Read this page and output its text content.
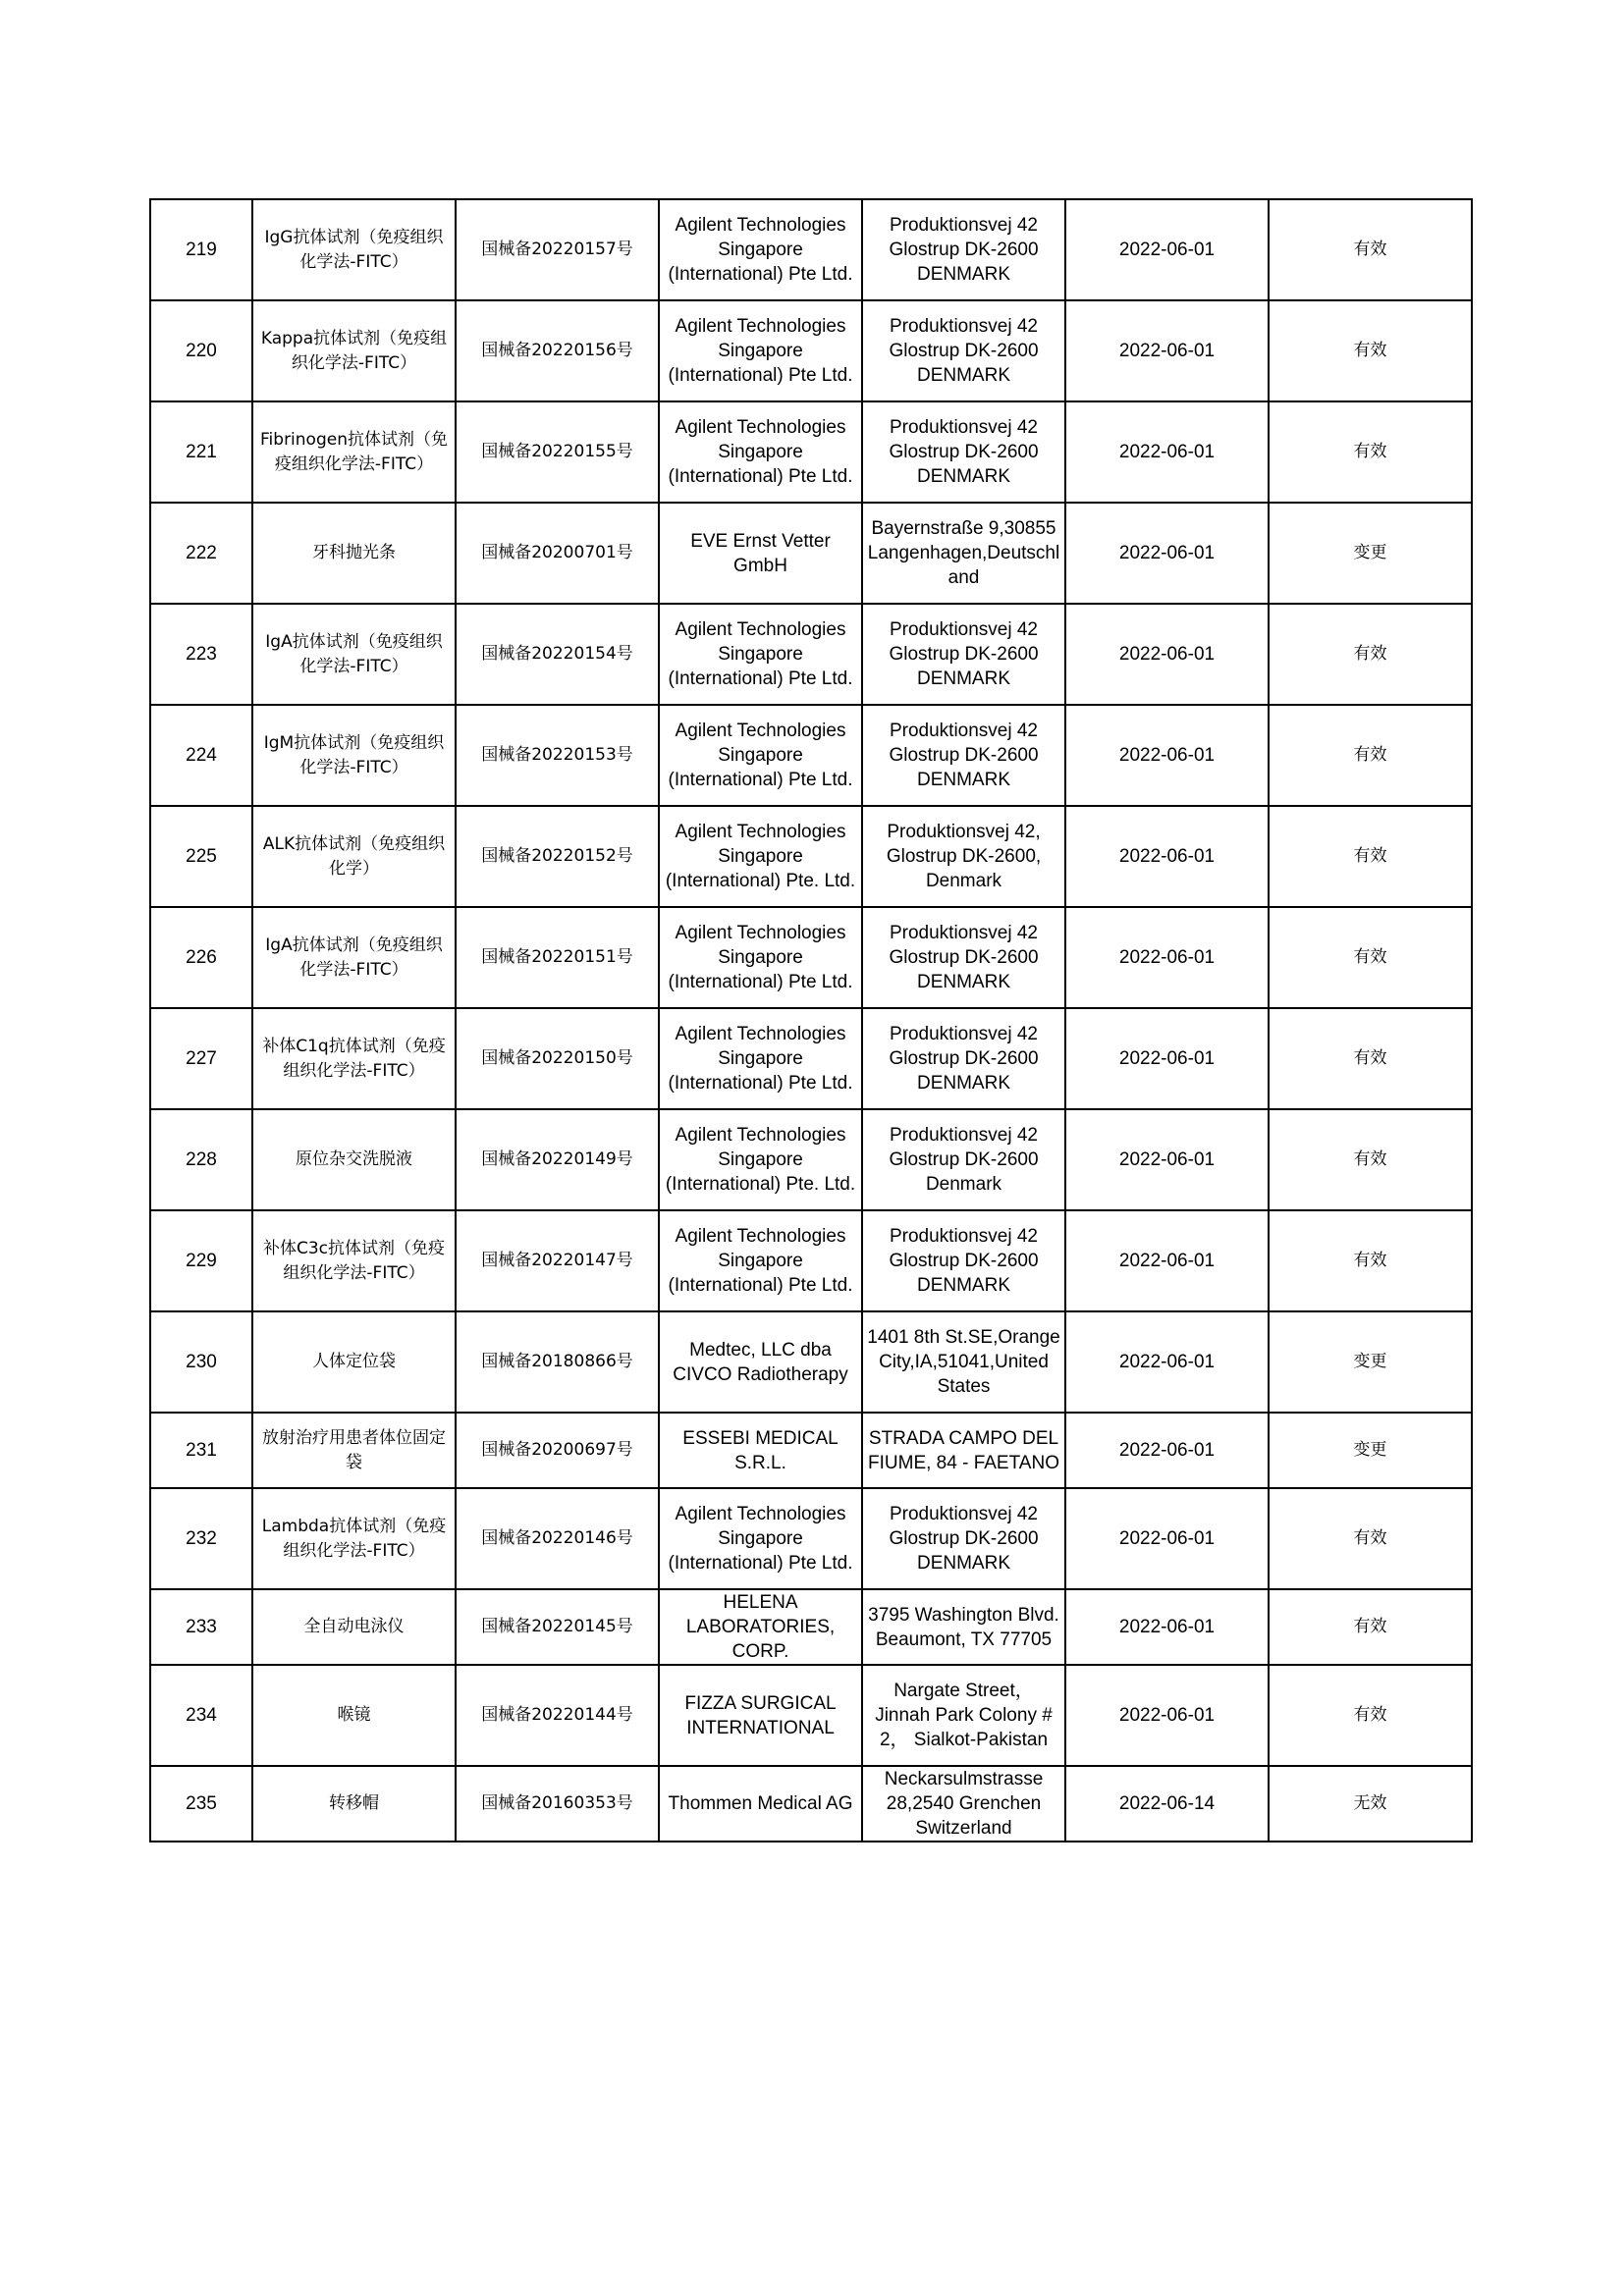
219	IgG抗体试剂（免疫组织化学法-FITC）	国械备20220157号	Agilent Technologies Singapore (International) Pte Ltd.	Produktionsvej 42 Glostrup DK-2600 DENMARK	2022-06-01	有效
220	Kappa抗体试剂（免疫组织化学法-FITC）	国械备20220156号	Agilent Technologies Singapore (International) Pte Ltd.	Produktionsvej 42 Glostrup DK-2600 DENMARK	2022-06-01	有效
221	Fibrinogen抗体试剂（免疫组织化学法-FITC）	国械备20220155号	Agilent Technologies Singapore (International) Pte Ltd.	Produktionsvej 42 Glostrup DK-2600 DENMARK	2022-06-01	有效
222	牙科抛光条	国械备20200701号	EVE Ernst Vetter GmbH	Bayernstraße 9,30855 Langenhagen,Deutschland	2022-06-01	变更
223	IgA抗体试剂（免疫组织化学法-FITC）	国械备20220154号	Agilent Technologies Singapore (International) Pte Ltd.	Produktionsvej 42 Glostrup DK-2600 DENMARK	2022-06-01	有效
224	IgM抗体试剂（免疫组织化学法-FITC）	国械备20220153号	Agilent Technologies Singapore (International) Pte Ltd.	Produktionsvej 42 Glostrup DK-2600 DENMARK	2022-06-01	有效
225	ALK抗体试剂（免疫组织化学）	国械备20220152号	Agilent Technologies Singapore (International) Pte. Ltd.	Produktionsvej 42, Glostrup DK-2600, Denmark	2022-06-01	有效
226	IgA抗体试剂（免疫组织化学法-FITC）	国械备20220151号	Agilent Technologies Singapore (International) Pte Ltd.	Produktionsvej 42 Glostrup DK-2600 DENMARK	2022-06-01	有效
227	补体C1q抗体试剂（免疫组织化学法-FITC）	国械备20220150号	Agilent Technologies Singapore (International) Pte Ltd.	Produktionsvej 42 Glostrup DK-2600 DENMARK	2022-06-01	有效
228	原位杂交洗脱液	国械备20220149号	Agilent Technologies Singapore (International) Pte. Ltd.	Produktionsvej 42 Glostrup DK-2600 Denmark	2022-06-01	有效
229	补体C3c抗体试剂（免疫组织化学法-FITC）	国械备20220147号	Agilent Technologies Singapore (International) Pte Ltd.	Produktionsvej 42 Glostrup DK-2600 DENMARK	2022-06-01	有效
230	人体定位袋	国械备20180866号	Medtec, LLC dba CIVCO Radiotherapy	1401 8th St.SE,Orange City,IA,51041,United States	2022-06-01	变更
231	放射治疗用患者体位固定袋	国械备20200697号	ESSEBI MEDICAL S.R.L.	STRADA CAMPO DEL FIUME, 84 - FAETANO	2022-06-01	变更
232	Lambda抗体试剂（免疫组织化学法-FITC）	国械备20220146号	Agilent Technologies Singapore (International) Pte Ltd.	Produktionsvej 42 Glostrup DK-2600 DENMARK	2022-06-01	有效
233	全自动电泳仪	国械备20220145号	HELENA LABORATORIES, CORP.	3795 Washington Blvd. Beaumont, TX 77705	2022-06-01	有效
234	喉镜	国械备20220144号	FIZZA SURGICAL INTERNATIONAL	Nargate Street， Jinnah Park Colony # 2， Sialkot-Pakistan	2022-06-01	有效
235	转移帽	国械备20160353号	Thommen Medical AG	Neckarsulmstrasse 28,2540 Grenchen Switzerland	2022-06-14	无效
